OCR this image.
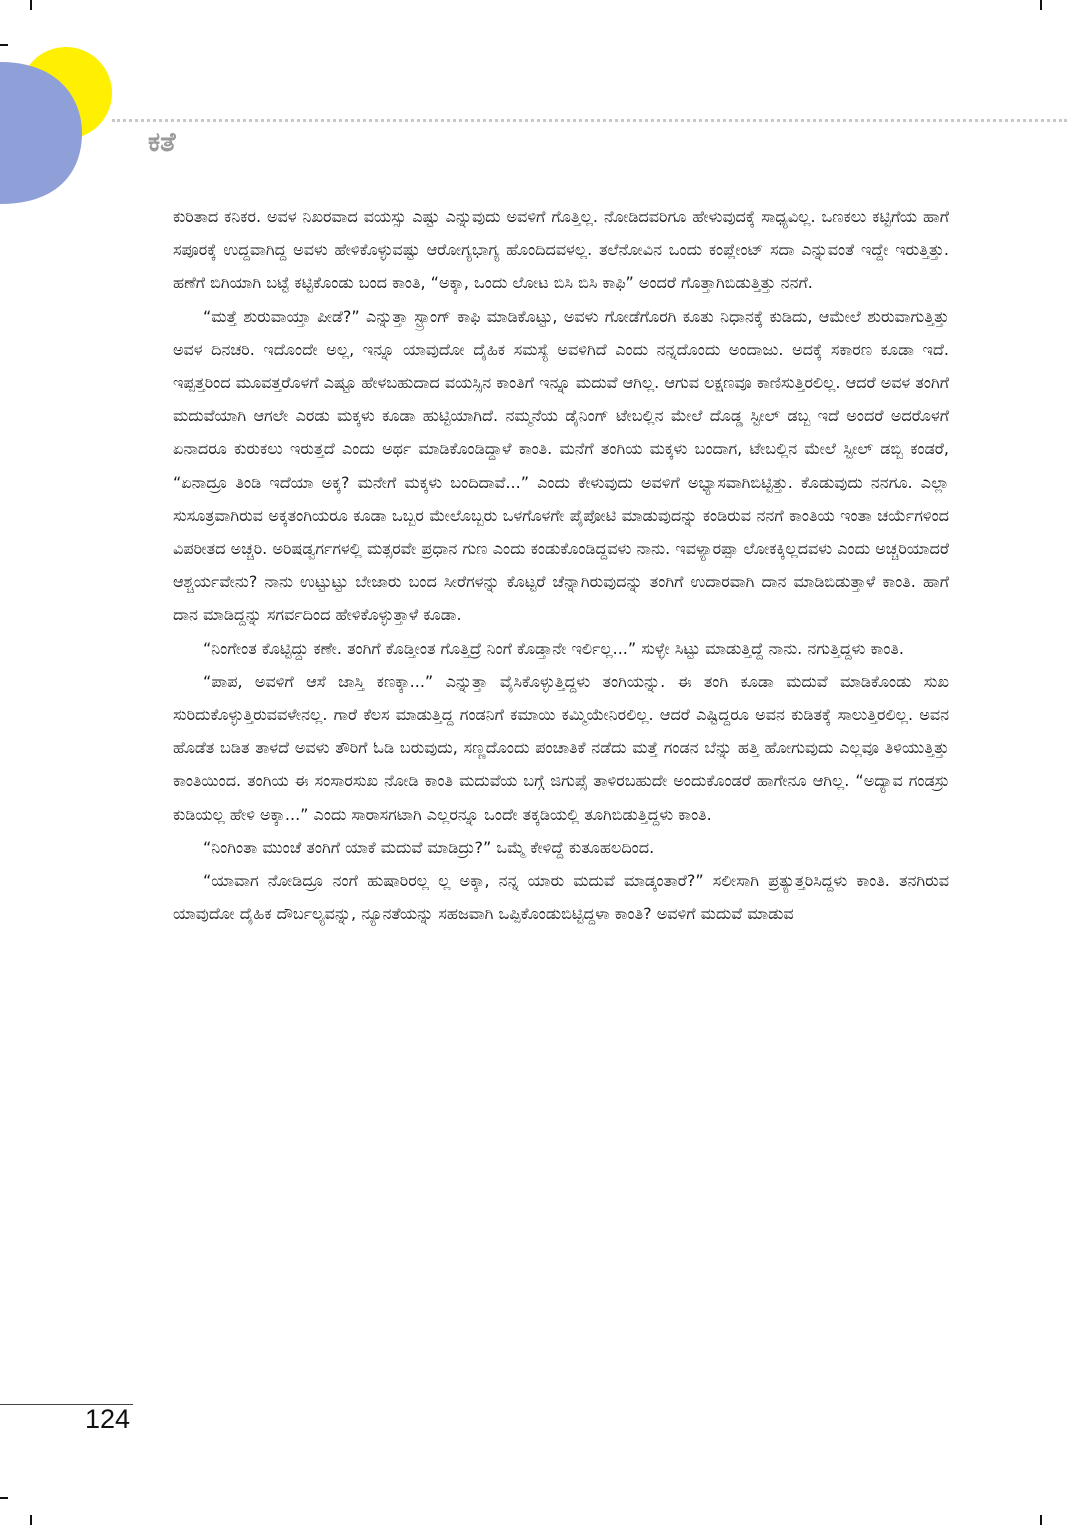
ಕತೆ

ಕುರಿತಾದ ಕನಿಕರ. ಅವಳ ನಿಖರವಾದ ವಯಸ್ಸು ಎಷ್ಟು ಎನ್ನುವುದು ಅವಳಿಗೆ ಗೊತ್ತಿಲ್ಲ. ನೋಡಿದವರಿಗೂ ಹೇಳುವುದಕ್ಕೆ ಸಾಧ್ಯವಿಲ್ಲ. ಒಣಕಲು ಕಟ್ಟಿಗೆಯ ಹಾಗೆ ಸಪೂರಕ್ಕೆ ಉದ್ದವಾಗಿದ್ದ ಅವಳು ಹೇಳಿಕೊಳ್ಳುವಷ್ಟು ಆರೋಗ್ಯಭಾಗ್ಯ ಹೊಂದಿದವಳಲ್ಲ. ತಲೆನೋವಿನ ಒಂದು ಕಂಪ್ಲೇಂಟ್ ಸದಾ ಎನ್ನುವಂತೆ ಇದ್ದೇ ಇರುತ್ತಿತ್ತು. ಹಣೆಗೆ ಬಿಗಿಯಾಗಿ ಬಟ್ಟೆ ಕಟ್ಟಿಕೊಂಡು ಬಂದ ಕಾಂತಿ, “ಅಕ್ಕಾ, ಒಂದು ಲೋಟ ಬಿಸಿ ಬಿಸಿ ಕಾಫಿ” ಅಂದರೆ ಗೊತ್ತಾಗಿಬಿಡುತ್ತಿತ್ತು ನನಗೆ.

“ಮತ್ತೆ ಶುರುವಾಯ್ತಾ ಪೀಡೆ?” ಎನ್ನುತ್ತಾ ಸ್ಟ್ರಾಂಗ್ ಕಾಫಿ ಮಾಡಿಕೊಟ್ಟು, ಅವಳು ಗೋಡೆಗೊರಗಿ ಕೂತು ನಿಧಾನಕ್ಕೆ ಕುಡಿದು, ಆಮೇಲೆ ಶುರುವಾಗುತ್ತಿತ್ತು ಅವಳ ದಿನಚರಿ. ಇದೊಂದೇ ಅಲ್ಲ, ಇನ್ನೂ ಯಾವುದೋ ದೈಹಿಕ ಸಮಸ್ಯೆ ಅವಳಿಗಿದೆ ಎಂದು ನನ್ನದೊಂದು ಅಂದಾಜು. ಅದಕ್ಕೆ ಸಕಾರಣ ಕೂಡಾ ಇದೆ. ಇಪ್ಪತ್ತರಿಂದ ಮೂವತ್ತರೊಳಗೆ ಎಷ್ಟೂ ಹೇಳಬಹುದಾದ ವಯಸ್ಸಿನ ಕಾಂತಿಗೆ ಇನ್ನೂ ಮದುವೆ ಆಗಿಲ್ಲ. ಆಗುವ ಲಕ್ಷಣವೂ ಕಾಣಿಸುತ್ತಿರಲಿಲ್ಲ. ಆದರೆ ಅವಳ ತಂಗಿಗೆ ಮದುವೆಯಾಗಿ ಆಗಲೇ ಎರಡು ಮಕ್ಕಳು ಕೂಡಾ ಹುಟ್ಟಿಯಾಗಿದೆ. ನಮ್ಮನೆಯ ಡೈನಿಂಗ್ ಟೇಬಲ್ಲಿನ ಮೇಲೆ ದೊಡ್ಡ ಸ್ಟೀಲ್ ಡಬ್ಬ ಇದೆ ಅಂದರೆ ಅದರೊಳಗೆ ಏನಾದರೂ ಕುರುಕಲು ಇರುತ್ತದೆ ಎಂದು ಅರ್ಥ ಮಾಡಿಕೊಂಡಿದ್ದಾಳೆ ಕಾಂತಿ. ಮನೆಗೆ ತಂಗಿಯ ಮಕ್ಕಳು ಬಂದಾಗ, ಟೇಬಲ್ಲಿನ ಮೇಲೆ ಸ್ಟೀಲ್ ಡಬ್ಬಿ ಕಂಡರೆ, “ಏನಾದ್ರೂ ತಿಂಡಿ ಇದೆಯಾ ಅಕ್ಕ? ಮನೇಗೆ ಮಕ್ಕಳು ಬಂದಿದಾವೆ...” ಎಂದು ಕೇಳುವುದು ಅವಳಿಗೆ ಅಭ್ಯಾಸವಾಗಿಬಿಟ್ಟಿತ್ತು. ಕೊಡುವುದು ನನಗೂ. ಎಲ್ಲಾ ಸುಸೂತ್ರವಾಗಿರುವ ಅಕ್ಕತಂಗಿಯರೂ ಕೂಡಾ ಒಬ್ಬರ ಮೇಲೊಬ್ಬರು ಒಳಗೊಳಗೇ ಪೈಪೋಟಿ ಮಾಡುವುದನ್ನು ಕಂಡಿರುವ ನನಗೆ ಕಾಂತಿಯ ಇಂತಾ ಚರ್ಯೆಗಳಿಂದ ವಿಪರೀತದ ಅಚ್ಚರಿ. ಅರಿಷಡ್ವರ್ಗಗಳಲ್ಲಿ ಮತ್ಸರವೇ ಪ್ರಧಾನ ಗುಣ ಎಂದು ಕಂಡುಕೊಂಡಿದ್ದವಳು ನಾನು. ಇವಳ್ಯಾರಪ್ಪಾ ಲೋಕಕ್ಕಿಲ್ಲದವಳು ಎಂದು ಅಚ್ಚರಿಯಾದರೆ ಆಶ್ಚರ್ಯವೇನು? ನಾನು ಉಟ್ಟುಟ್ಟು ಬೇಜಾರು ಬಂದ ಸೀರೆಗಳನ್ನು ಕೊಟ್ಟರೆ ಚೆನ್ನಾಗಿರುವುದನ್ನು ತಂಗಿಗೆ ಉದಾರವಾಗಿ ದಾನ ಮಾಡಿಬಿಡುತ್ತಾಳೆ ಕಾಂತಿ. ಹಾಗೆ ದಾನ ಮಾಡಿದ್ದನ್ನು ಸಗರ್ವದಿಂದ ಹೇಳಿಕೊಳ್ಳುತ್ತಾಳೆ ಕೂಡಾ.

“ನಿಂಗೇಂತ ಕೊಟ್ಟಿದ್ದು ಕಣೇ. ತಂಗಿಗೆ ಕೊಡ್ತೀಂತ ಗೊತ್ತಿದ್ರೆ ನಿಂಗೆ ಕೊಡ್ತಾನೇ ಇರ್ಲಿಲ್ಲ...” ಸುಳ್ಳೇ ಸಿಟ್ಟು ಮಾಡುತ್ತಿದ್ದೆ ನಾನು. ನಗುತ್ತಿದ್ದಳು ಕಾಂತಿ.

“ಪಾಪ, ಅವಳಿಗೆ ಆಸೆ ಜಾಸ್ತಿ ಕಣಕ್ಕಾ...” ಎನ್ನುತ್ತಾ ವೈಸಿಕೊಳ್ಳುತ್ತಿದ್ದಳು ತಂಗಿಯನ್ನು. ಈ ತಂಗಿ ಕೂಡಾ ಮದುವೆ ಮಾಡಿಕೊಂಡು ಸುಖ ಸುರಿದುಕೊಳ್ಳುತ್ತಿರುವವಳೇನಲ್ಲ. ಗಾರೆ ಕೆಲಸ ಮಾಡುತ್ತಿದ್ದ ಗಂಡನಿಗೆ ಕಮಾಯಿ ಕಮ್ಮಿಯೇನಿರಲಿಲ್ಲ. ಆದರೆ ಎಷ್ಟಿದ್ದರೂ ಅವನ ಕುಡಿತಕ್ಕೆ ಸಾಲುತ್ತಿರಲಿಲ್ಲ. ಅವನ ಹೊಡೆತ ಬಡಿತ ತಾಳದೆ ಅವಳು ತೌರಿಗೆ ಓಡಿ ಬರುವುದು, ಸಣ್ಣದೊಂದು ಪಂಚಾತಿಕೆ ನಡೆದು ಮತ್ತೆ ಗಂಡನ ಬೆನ್ನು ಹತ್ತಿ ಹೋಗುವುದು ಎಲ್ಲವೂ ತಿಳಿಯುತ್ತಿತ್ತು ಕಾಂತಿಯಿಂದ. ತಂಗಿಯ ಈ ಸಂಸಾರಸುಖ ನೋಡಿ ಕಾಂತಿ ಮದುವೆಯ ಬಗ್ಗೆ ಜಿಗುಪ್ಸೆ ತಾಳಿರಬಹುದೇ ಅಂದುಕೊಂಡರೆ ಹಾಗೇನೂ ಆಗಿಲ್ಲ. “ಅದ್ಯಾವ ಗಂಡಸ್ರು ಕುಡಿಯಲ್ಲ ಹೇಳಿ ಅಕ್ಕಾ...” ಎಂದು ಸಾರಾಸಗಟಾಗಿ ಎಲ್ಲರನ್ನೂ ಒಂದೇ ತಕ್ಕಡಿಯಲ್ಲಿ ತೂಗಿಬಿಡುತ್ತಿದ್ದಳು ಕಾಂತಿ.

“ನಿಂಗಿಂತಾ ಮುಂಚೆ ತಂಗಿಗೆ ಯಾಕೆ ಮದುವೆ ಮಾಡಿದ್ರು?” ಒಮ್ಮೆ ಕೇಳಿದ್ದೆ ಕುತೂಹಲದಿಂದ.

“ಯಾವಾಗ ನೋಡಿದ್ರೂ ನಂಗೆ ಹುಷಾರಿರಲ್ಲ ಲ್ಲ ಅಕ್ಕಾ, ನನ್ನ ಯಾರು ಮದುವೆ ಮಾಡ್ಕಂತಾರೆ?” ಸಲೀಸಾಗಿ ಪ್ರತ್ಯುತ್ತರಿಸಿದ್ದಳು ಕಾಂತಿ. ತನಗಿರುವ ಯಾವುದೋ ದೈಹಿಕ ದೌರ್ಬಲ್ಯವನ್ನು, ನ್ಯೂನತೆಯನ್ನು ಸಹಜವಾಗಿ ಒಪ್ಪಿಕೊಂಡುಬಿಟ್ಟಿದ್ದಳಾ ಕಾಂತಿ? ಅವಳಿಗೆ ಮದುವೆ ಮಾಡುವ

124
